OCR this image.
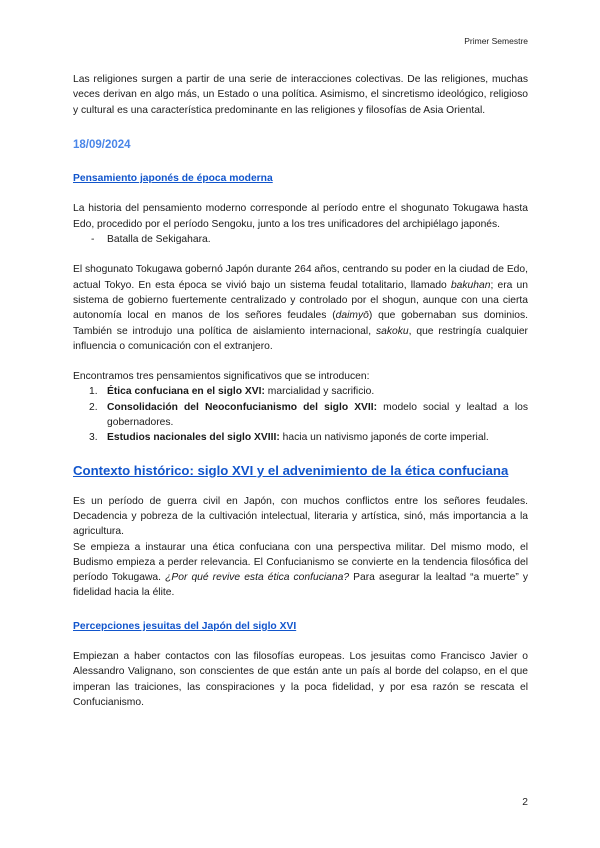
Primer Semestre

Las religiones surgen a partir de una serie de interacciones colectivas. De las religiones, muchas veces derivan en algo más, un Estado o una política. Asimismo, el sincretismo ideológico, religioso y cultural es una característica predominante en las religiones y filosofías de Asia Oriental.

18/09/2024
Pensamiento japonés de época moderna

La historia del pensamiento moderno corresponde al período entre el shogunato Tokugawa hasta Edo, procedido por el período Sengoku, junto a los tres unificadores del archipiélago japonés.

- Batalla de Sekigahara.

El shogunato Tokugawa gobernó Japón durante 264 años, centrando su poder en la ciudad de Edo, actual Tokyo. En esta época se vivió bajo un sistema feudal totalitario, llamado bakuhan; era un sistema de gobierno fuertemente centralizado y controlado por el shogun, aunque con una cierta autonomía local en manos de los señores feudales (daimyō) que gobernaban sus dominios. También se introdujo una política de aislamiento internacional, sakoku, que restringía cualquier influencia o comunicación con el extranjero.

Encontramos tres pensamientos significativos que se introducen:

1. Ética confuciana en el siglo XVI: marcialidad y sacrificio.
2. Consolidación del Neoconfucianismo del siglo XVII: modelo social y lealtad a los gobernadores.
3. Estudios nacionales del siglo XVIII: hacia un nativismo japonés de corte imperial.
Contexto histórico: siglo XVI y el advenimiento de la ética confuciana

Es un período de guerra civil en Japón, con muchos conflictos entre los señores feudales. Decadencia y pobreza de la cultivación intelectual, literaria y artística, sinó, más importancia a la agricultura.

Se empieza a instaurar una ética confuciana con una perspectiva militar. Del mismo modo, el Budismo empieza a perder relevancia. El Confucianismo se convierte en la tendencia filosófica del período Tokugawa. ¿Por qué revive esta ética confuciana? Para asegurar la lealtad “a muerte” y fidelidad hacia la élite.

Percepciones jesuitas del Japón del siglo XVI

Empiezan a haber contactos con las filosofías europeas. Los jesuitas como Francisco Javier o Alessandro Valignano, son conscientes de que están ante un país al borde del colapso, en el que imperan las traiciones, las conspiraciones y la poca fidelidad, y por esa razón se rescata el Confucianismo.

2
